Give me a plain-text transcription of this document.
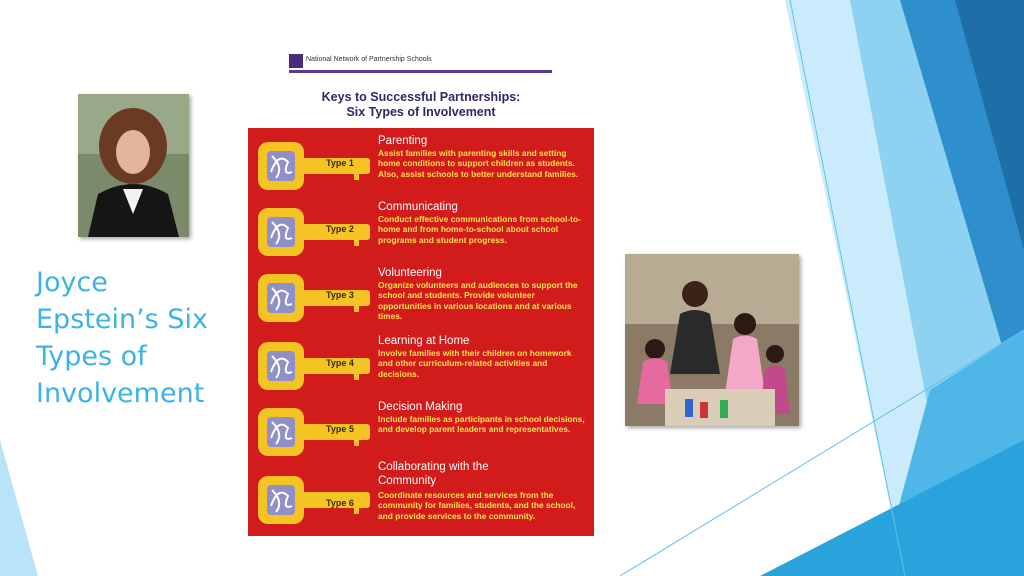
Joyce Epstein’s Six Types of Involvement
National Network of Partnership Schools
Keys to Successful Partnerships:
Six Types of Involvement
Type 1
Parenting
Assist families with parenting skills and setting home conditions to support children as students. Also, assist schools to better understand families.
Type 2
Communicating
Conduct effective communications from school-to-home and from home-to-school about school programs and student progress.
Type 3
Volunteering
Organize volunteers and audiences to support the school and students. Provide volunteer opportunities in various locations and at various times.
Type 4
Learning at Home
Involve families with their children on homework and other curriculum-related activities and decisions.
Type 5
Decision Making
Include families as participants in school decisions, and develop parent leaders and representatives.
Type 6
Collaborating with the Community
Coordinate resources and services from the community for families, students, and the school, and provide services to the community.
